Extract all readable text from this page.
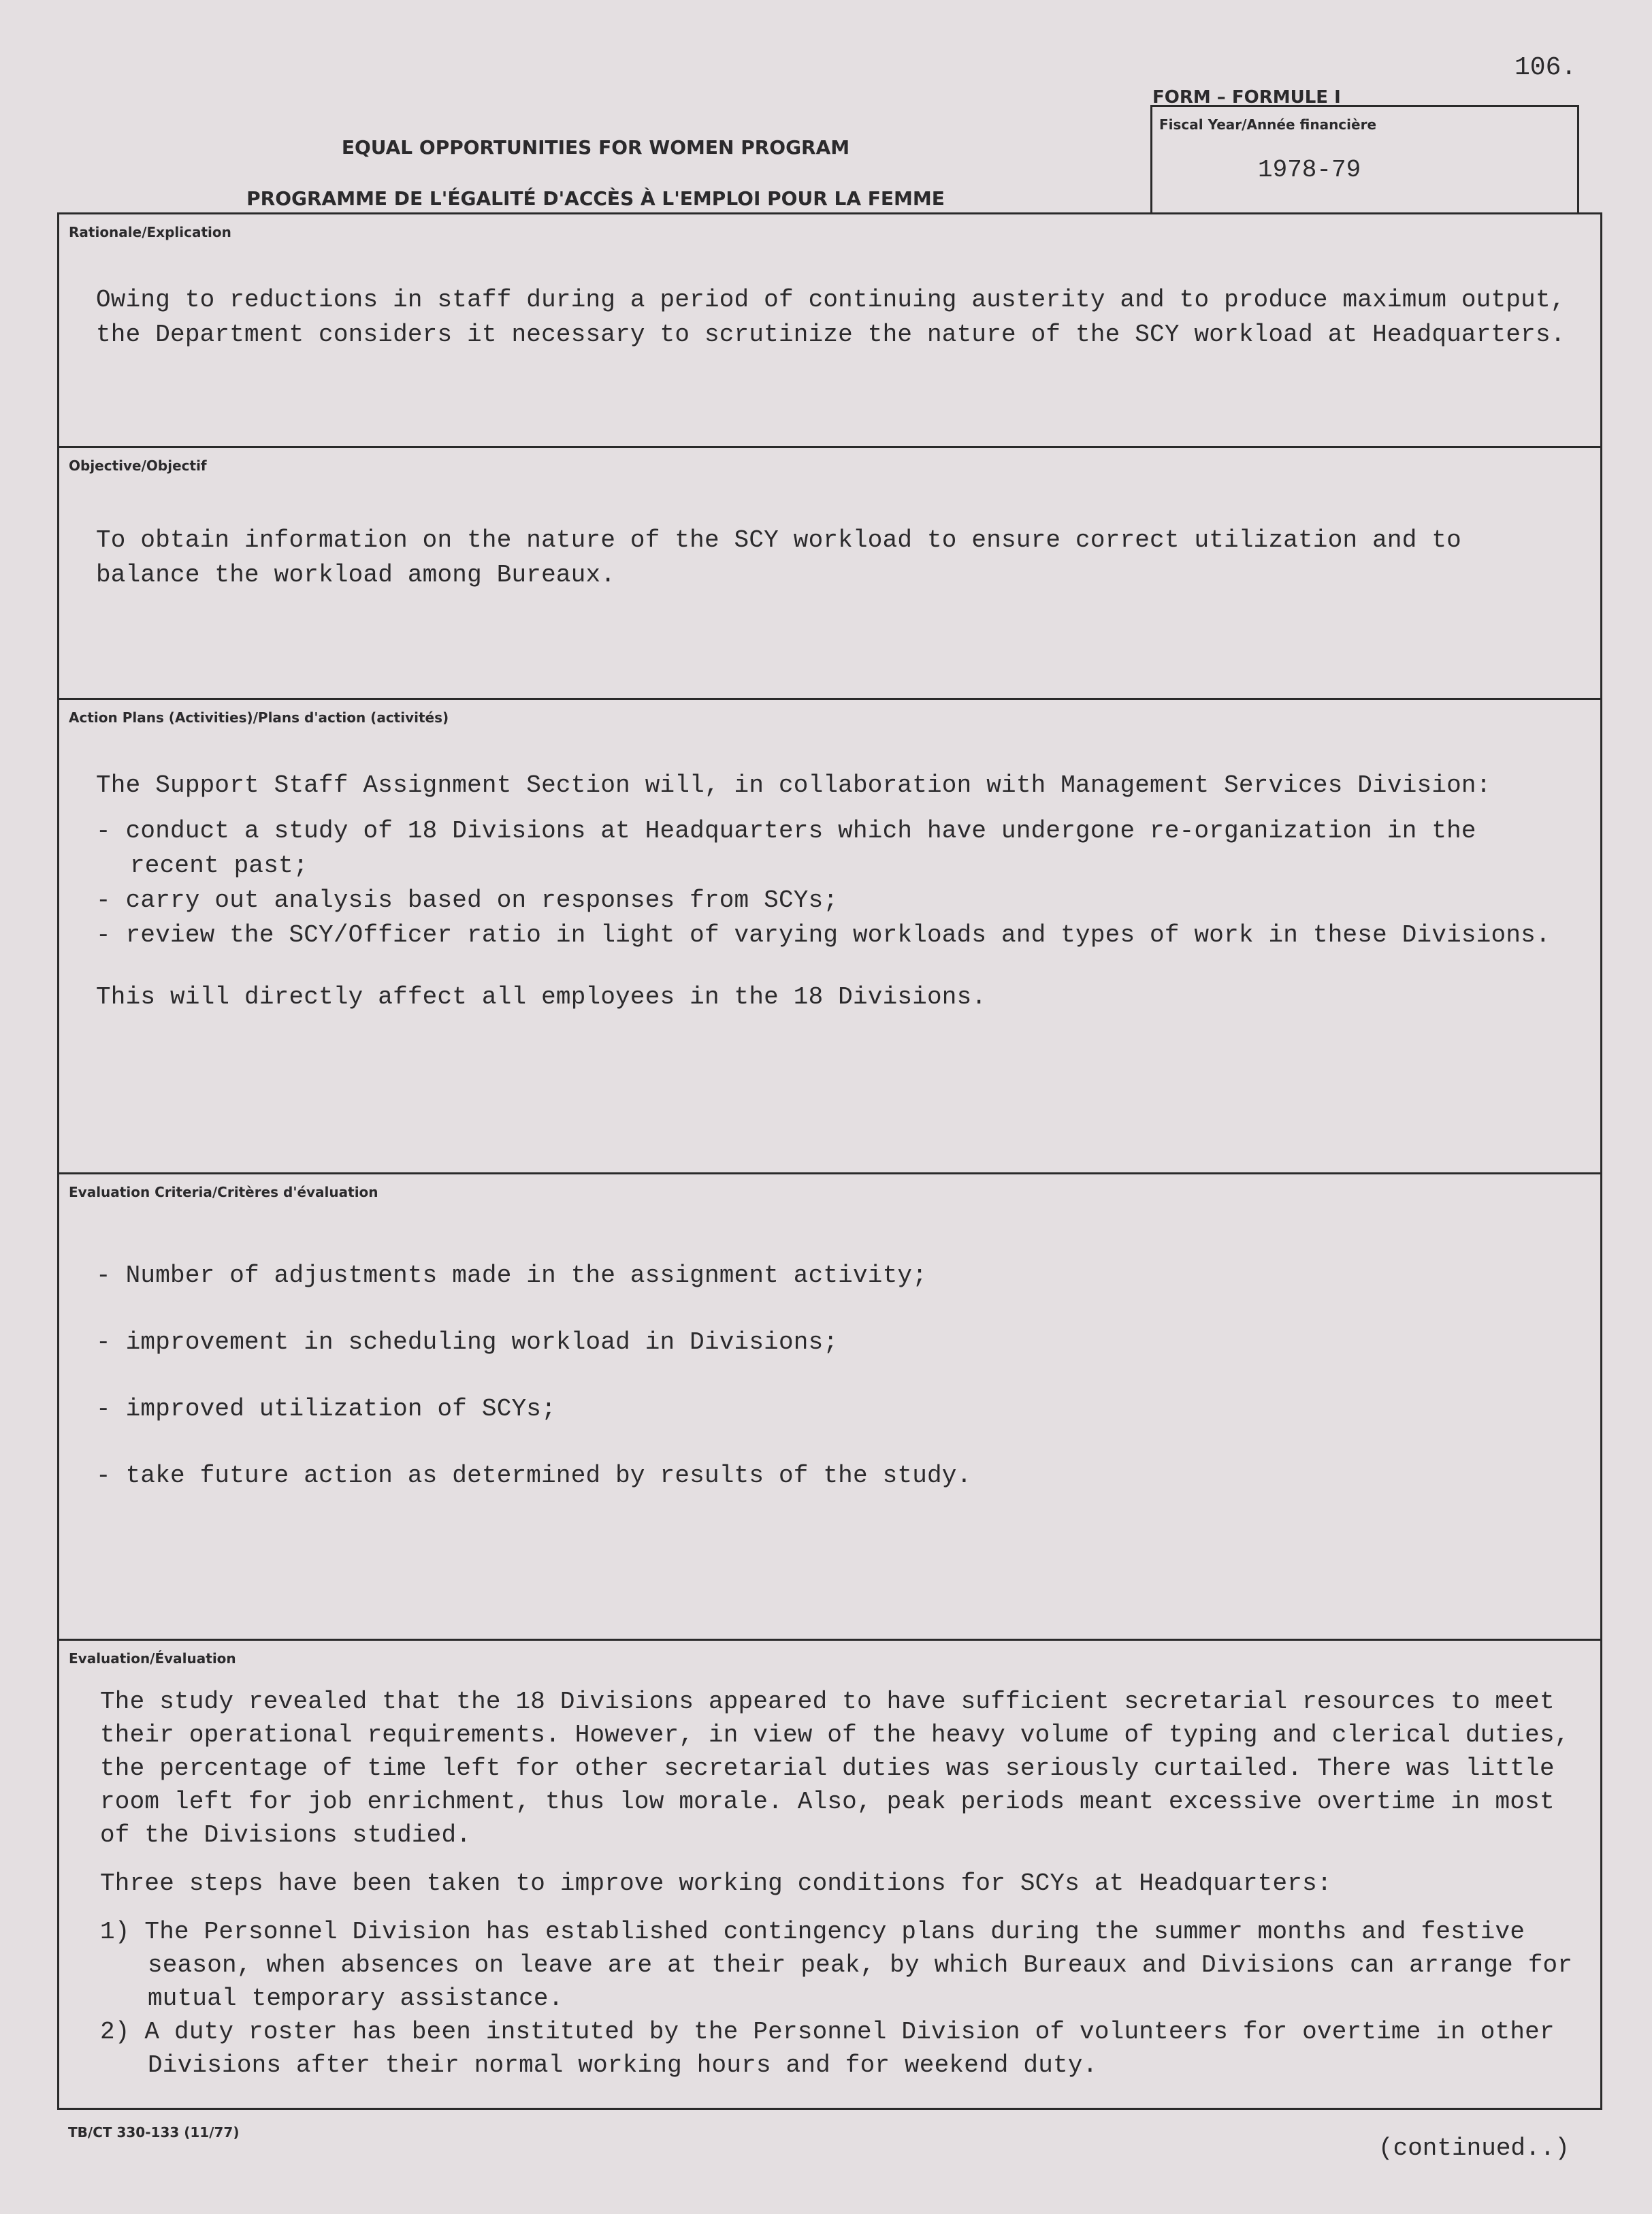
106.
FORM – FORMULE I
Fiscal Year/Année financière
1978-79
EQUAL OPPORTUNITIES FOR WOMEN PROGRAM
PROGRAMME DE L'ÉGALITÉ D'ACCÈS À L'EMPLOI POUR LA FEMME
Rationale/Explication

Owing to reductions in staff during a period of continuing austerity and to produce maximum output, the Department considers it necessary to scrutinize the nature of the SCY workload at Headquarters.

Objective/Objectif

To obtain information on the nature of the SCY workload to ensure correct utilization and to balance the workload among Bureaux.

Action Plans (Activities)/Plans d'action (activités)

The Support Staff Assignment Section will, in collaboration with Management Services Division:

- conduct a study of 18 Divisions at Headquarters which have undergone re-organization in the recent past;

- carry out analysis based on responses from SCYs;

- review the SCY/Officer ratio in light of varying workloads and types of work in these Divisions.

This will directly affect all employees in the 18 Divisions.

Evaluation Criteria/Critères d'évaluation

- Number of adjustments made in the assignment activity;

- improvement in scheduling workload in Divisions;

- improved utilization of SCYs;

- take future action as determined by results of the study.

Evaluation/Évaluation

The study revealed that the 18 Divisions appeared to have sufficient secretarial resources to meet their operational requirements. However, in view of the heavy volume of typing and clerical duties, the percentage of time left for other secretarial duties was seriously curtailed. There was little room left for job enrichment, thus low morale. Also, peak periods meant excessive overtime in most of the Divisions studied.

Three steps have been taken to improve working conditions for SCYs at Headquarters:

1) The Personnel Division has established contingency plans during the summer months and festive season, when absences on leave are at their peak, by which Bureaux and Divisions can arrange for mutual temporary assistance.

2) A duty roster has been instituted by the Personnel Division of volunteers for overtime in other Divisions after their normal working hours and for weekend duty.

TB/CT 330-133 (11/77)
(continued..)
